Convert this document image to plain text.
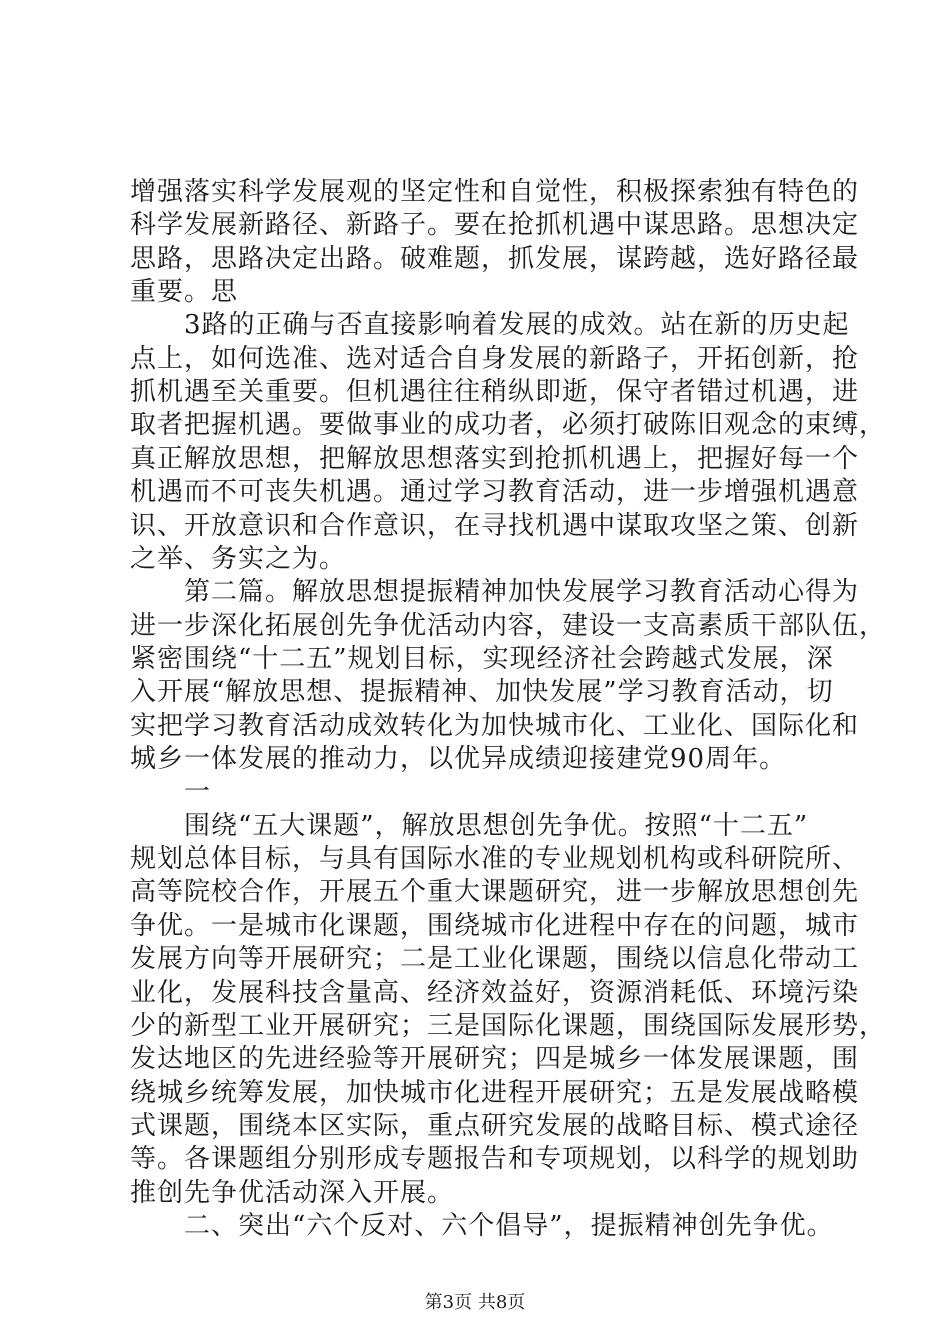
增强落实科学发展观的坚定性和自觉性，积极探索独有特色的
科学发展新路径、新路子。要在抢抓机遇中谋思路。思想决定
思路，思路决定出路。破难题，抓发展，谋跨越，选好路径最
重要。思
　　3路的正确与否直接影响着发展的成效。站在新的历史起
点上，如何选准、选对适合自身发展的新路子，开拓创新，抢
抓机遇至关重要。但机遇往往稍纵即逝，保守者错过机遇，进
取者把握机遇。要做事业的成功者，必须打破陈旧观念的束缚，
真正解放思想，把解放思想落实到抢抓机遇上，把握好每一个
机遇而不可丧失机遇。通过学习教育活动，进一步增强机遇意
识、开放意识和合作意识，在寻找机遇中谋取攻坚之策、创新
之举、务实之为。
　　第二篇。解放思想提振精神加快发展学习教育活动心得为
进一步深化拓展创先争优活动内容，建设一支高素质干部队伍，
紧密围绕“十二五”规划目标，实现经济社会跨越式发展，深
入开展“解放思想、提振精神、加快发展”学习教育活动，切
实把学习教育活动成效转化为加快城市化、工业化、国际化和
城乡一体发展的推动力，以优异成绩迎接建党90周年。
　　一
　　围绕“五大课题”，解放思想创先争优。按照“十二五”
规划总体目标，与具有国际水准的专业规划机构或科研院所、
高等院校合作，开展五个重大课题研究，进一步解放思想创先
争优。一是城市化课题，围绕城市化进程中存在的问题，城市
发展方向等开展研究；二是工业化课题，围绕以信息化带动工
业化，发展科技含量高、经济效益好，资源消耗低、环境污染
少的新型工业开展研究；三是国际化课题，围绕国际发展形势，
发达地区的先进经验等开展研究；四是城乡一体发展课题，围
绕城乡统筹发展，加快城市化进程开展研究；五是发展战略模
式课题，围绕本区实际，重点研究发展的战略目标、模式途径
等。各课题组分别形成专题报告和专项规划，以科学的规划助
推创先争优活动深入开展。
　　二、突出“六个反对、六个倡导”，提振精神创先争优。
第3页 共8页
